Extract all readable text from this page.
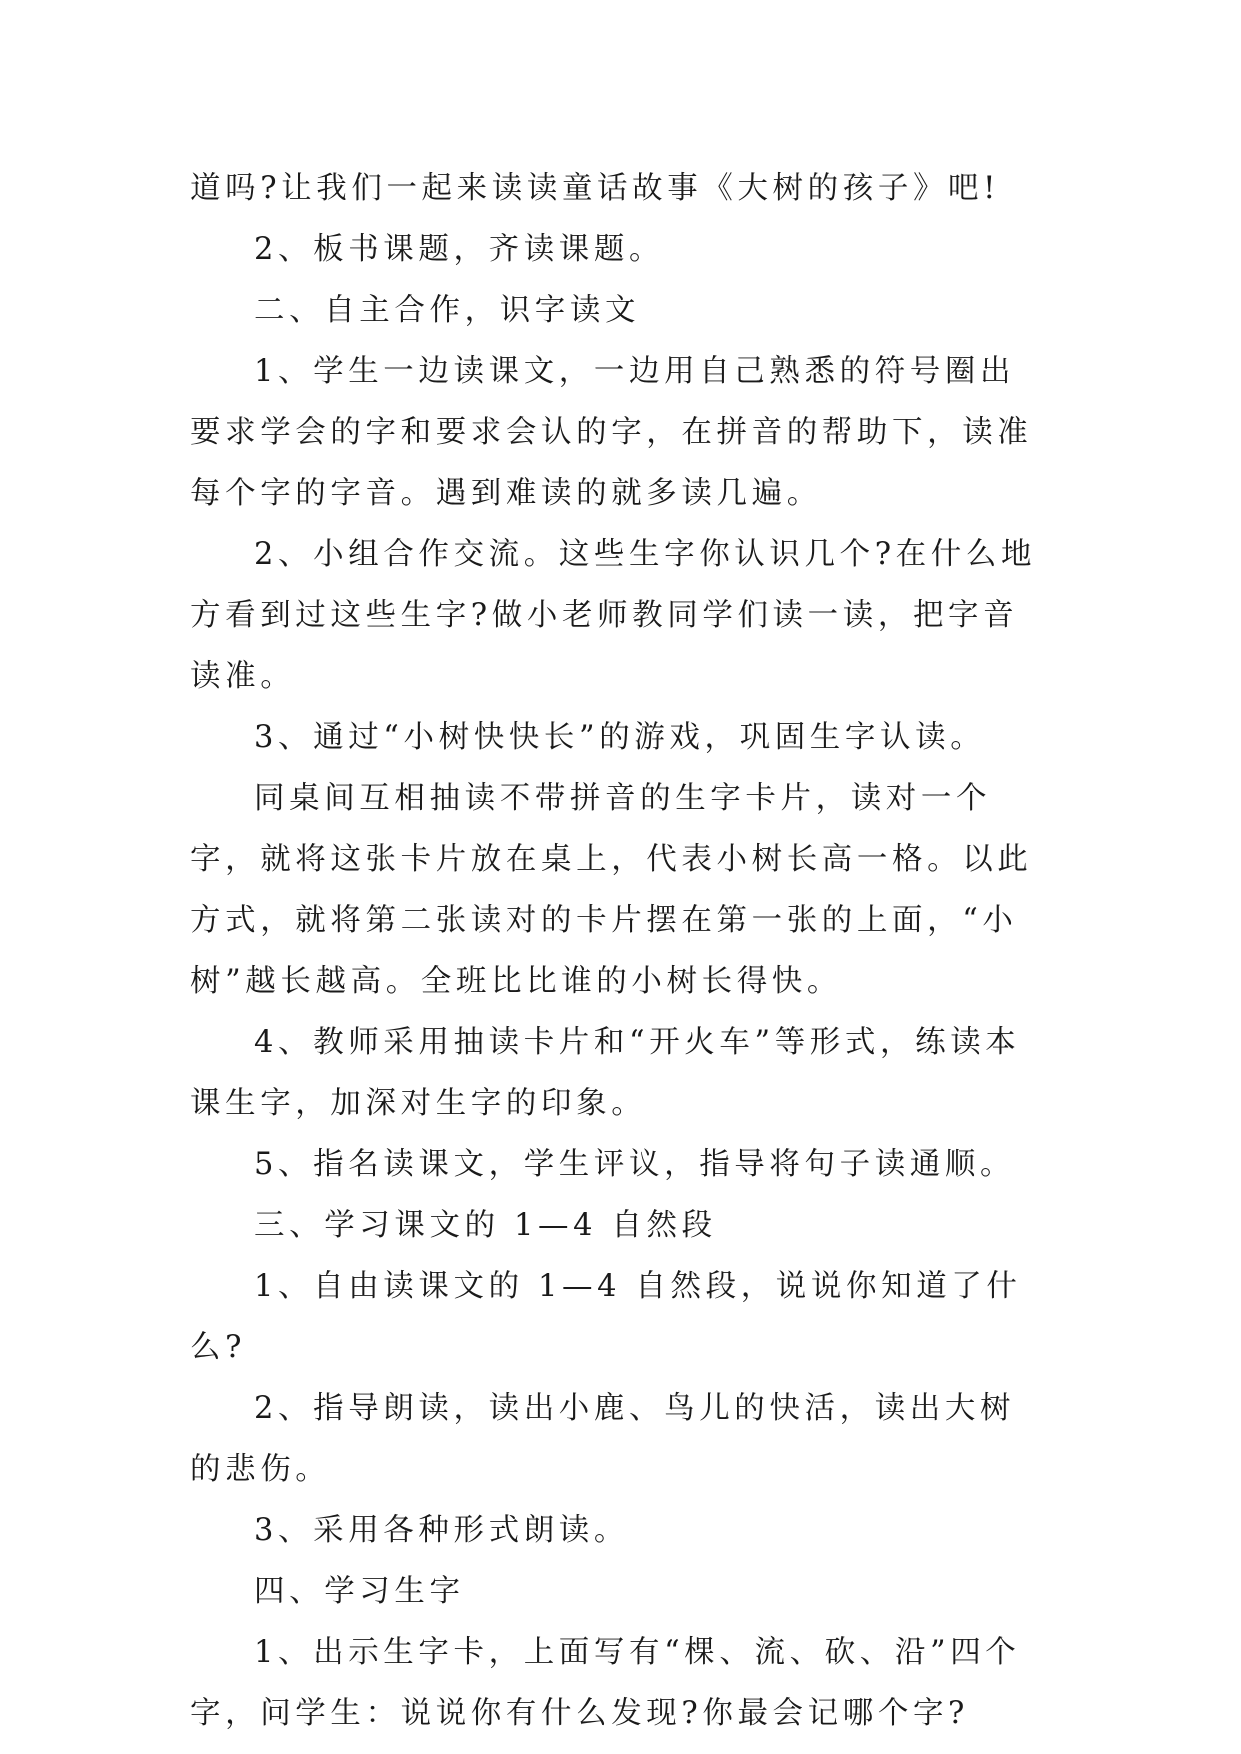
道吗?让我们一起来读读童话故事《大树的孩子》吧!

2、板书课题，齐读课题。

二、自主合作，识字读文

1、学生一边读课文，一边用自己熟悉的符号圈出要求学会的字和要求会认的字，在拼音的帮助下，读准每个字的字音。遇到难读的就多读几遍。

2、小组合作交流。这些生字你认识几个?在什么地方看到过这些生字?做小老师教同学们读一读，把字音读准。

3、通过“小树快快长”的游戏，巩固生字认读。

同桌间互相抽读不带拼音的生字卡片，读对一个字，就将这张卡片放在桌上，代表小树长高一格。以此方式，就将第二张读对的卡片摆在第一张的上面，“小树”越长越高。全班比比谁的小树长得快。

4、教师采用抽读卡片和“开火车”等形式，练读本课生字，加深对生字的印象。

5、指名读课文，学生评议，指导将句子读通顺。

三、学习课文的 1—4 自然段

1、自由读课文的 1—4 自然段，说说你知道了什么?

2、指导朗读，读出小鹿、鸟儿的快活，读出大树的悲伤。

3、采用各种形式朗读。

四、学习生字

1、出示生字卡，上面写有“棵、流、砍、沿”四个字，问学生：说说你有什么发现?你最会记哪个字?
